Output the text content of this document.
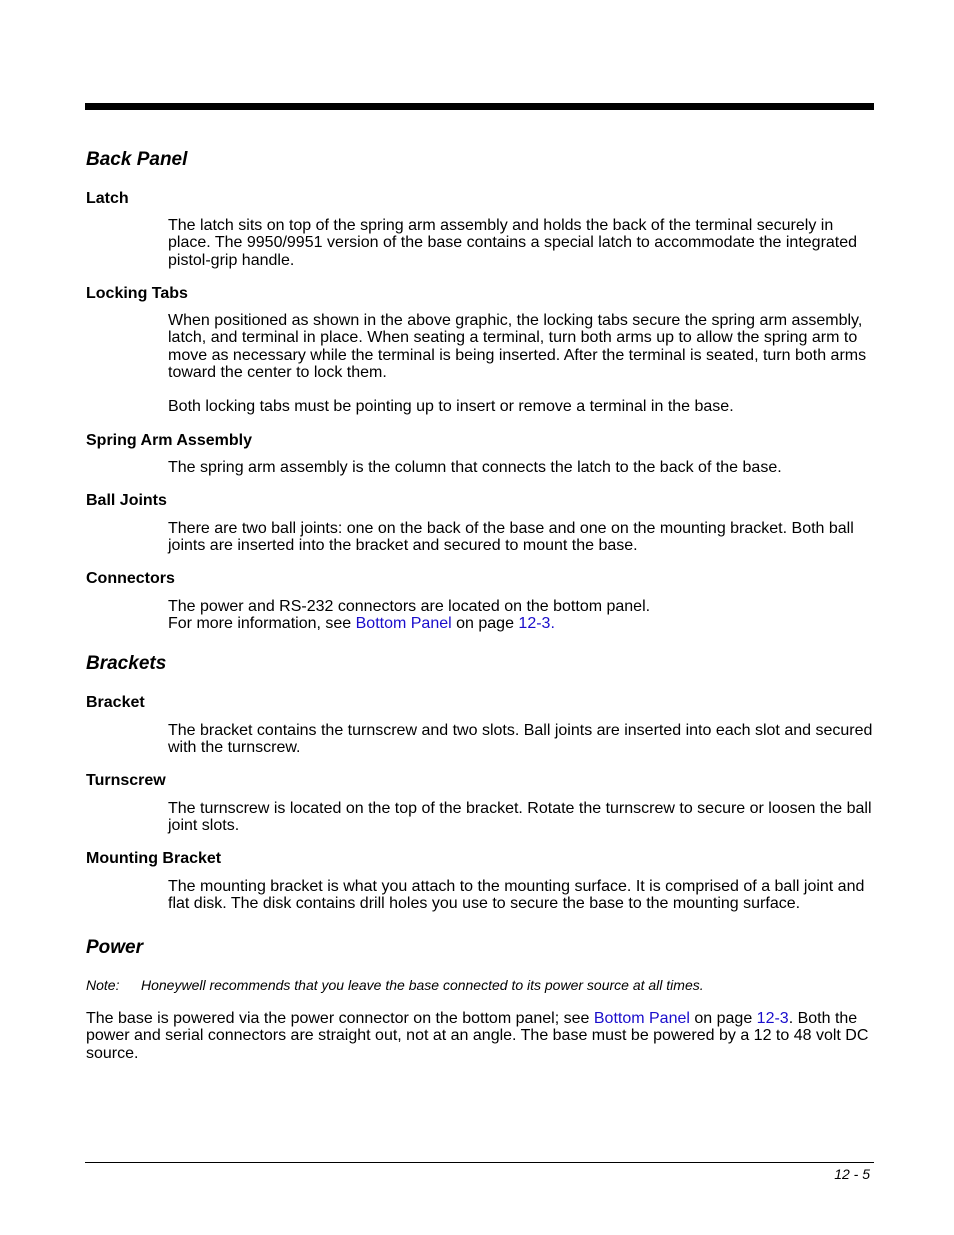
Back Panel
Latch

The latch sits on top of the spring arm assembly and holds the back of the terminal securely in place. The 9950/9951 version of the base contains a special latch to accommodate the integrated pistol-grip handle.

Locking Tabs

When positioned as shown in the above graphic, the locking tabs secure the spring arm assembly, latch, and terminal in place. When seating a terminal, turn both arms up to allow the spring arm to move as necessary while the terminal is being inserted. After the terminal is seated, turn both arms toward the center to lock them.

Both locking tabs must be pointing up to insert or remove a terminal in the base.

Spring Arm Assembly

The spring arm assembly is the column that connects the latch to the back of the base.

Ball Joints

There are two ball joints: one on the back of the base and one on the mounting bracket. Both ball joints are inserted into the bracket and secured to mount the base.

Connectors

The power and RS-232 connectors are located on the bottom panel.
For more information, see Bottom Panel on page 12-3.

Brackets
Bracket

The bracket contains the turnscrew and two slots. Ball joints are inserted into each slot and secured with the turnscrew.

Turnscrew

The turnscrew is located on the top of the bracket. Rotate the turnscrew to secure or loosen the ball joint slots.

Mounting Bracket

The mounting bracket is what you attach to the mounting surface. It is comprised of a ball joint and flat disk. The disk contains drill holes you use to secure the base to the mounting surface.

Power
Note: Honeywell recommends that you leave the base connected to its power source at all times.

The base is powered via the power connector on the bottom panel; see Bottom Panel on page 12-3. Both the power and serial connectors are straight out, not at an angle. The base must be powered by a 12 to 48 volt DC source.

12 - 5
